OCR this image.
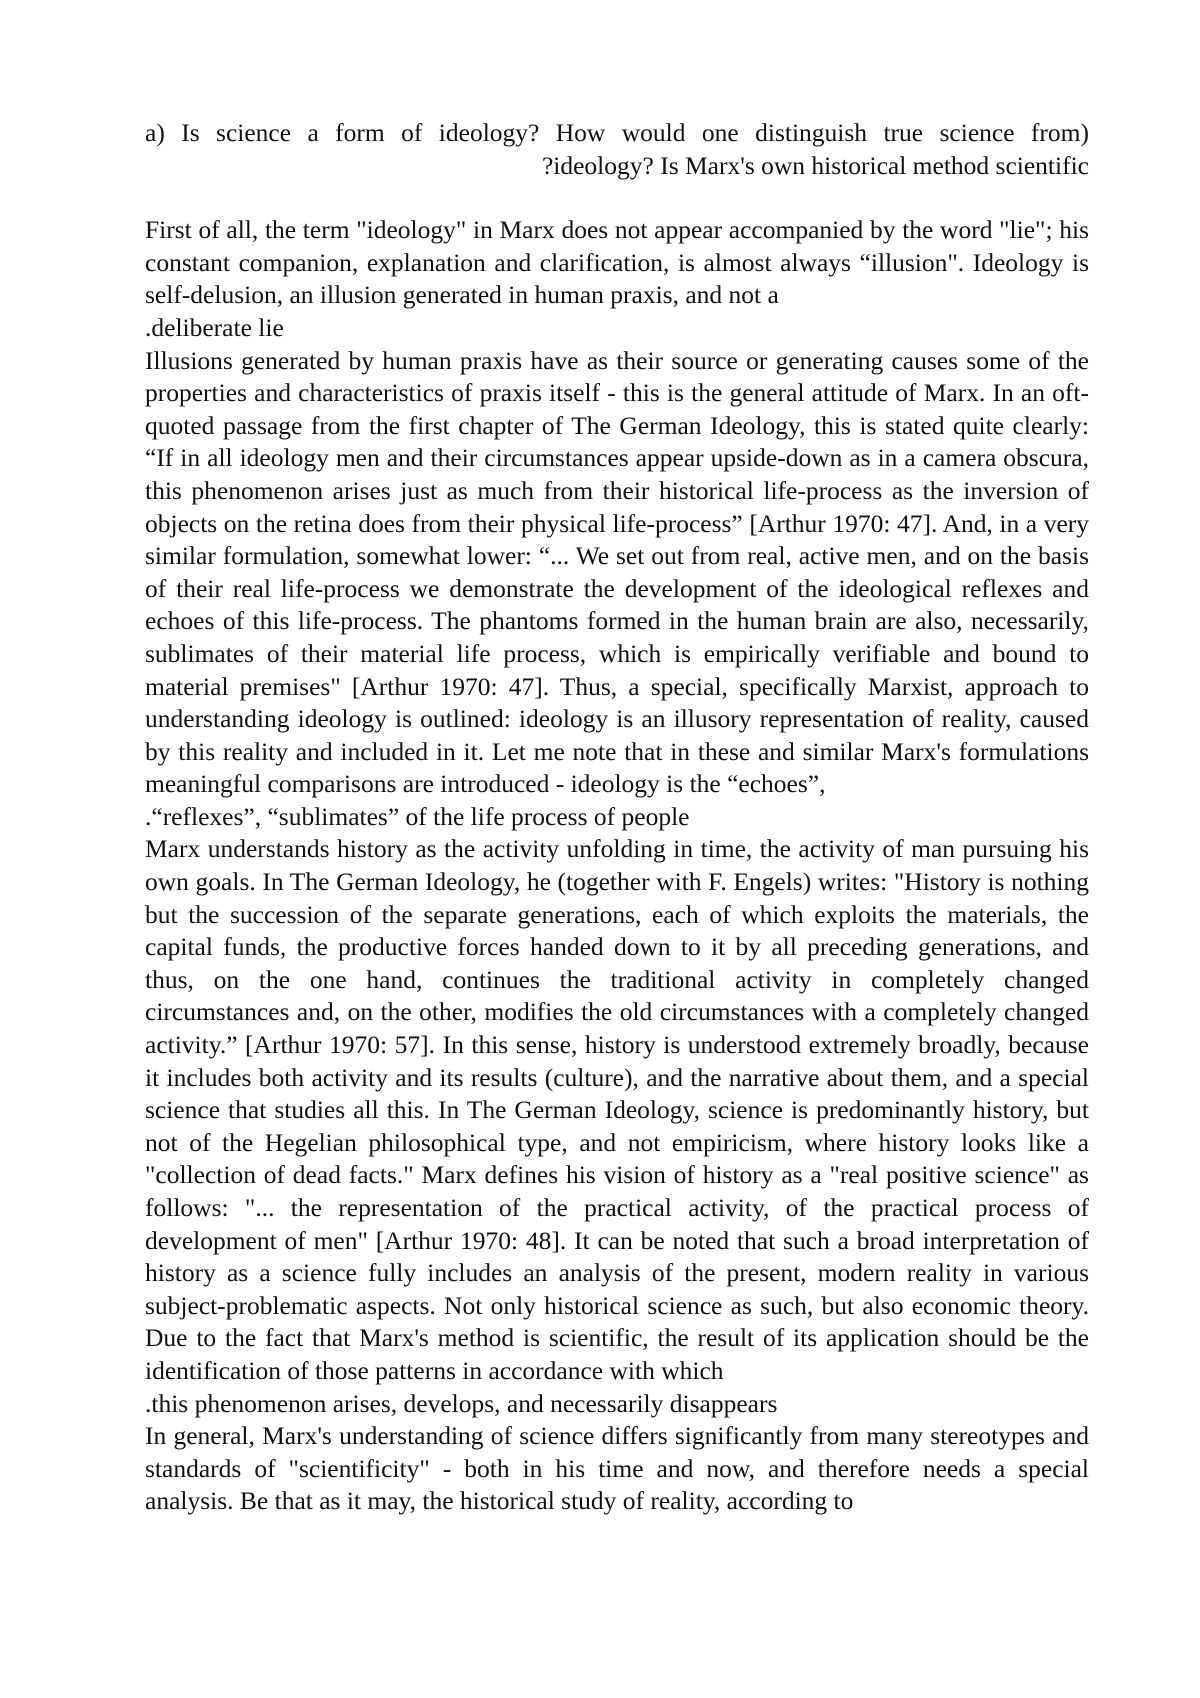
a) Is science a form of ideology? How would one distinguish true science from)
?ideology? Is Marx's own historical method scientific

First of all, the term "ideology" in Marx does not appear accompanied by the word "lie"; his constant companion, explanation and clarification, is almost always “illusion". Ideology is self-delusion, an illusion generated in human praxis, and not a
.deliberate lie

Illusions generated by human praxis have as their source or generating causes some of the properties and characteristics of praxis itself - this is the general attitude of Marx. In an oft-quoted passage from the first chapter of The German Ideology, this is stated quite clearly: “If in all ideology men and their circumstances appear upside-down as in a camera obscura, this phenomenon arises just as much from their historical life-process as the inversion of objects on the retina does from their physical life-process” [Arthur 1970: 47]. And, in a very similar formulation, somewhat lower: “... We set out from real, active men, and on the basis of their real life-process we demonstrate the development of the ideological reflexes and echoes of this life-process. The phantoms formed in the human brain are also, necessarily, sublimates of their material life process, which is empirically verifiable and bound to material premises" [Arthur 1970: 47]. Thus, a special, specifically Marxist, approach to understanding ideology is outlined: ideology is an illusory representation of reality, caused by this reality and included in it. Let me note that in these and similar Marx's formulations meaningful comparisons are introduced - ideology is the “echoes”,
.“reflexes”, “sublimates” of the life process of people

Marx understands history as the activity unfolding in time, the activity of man pursuing his own goals. In The German Ideology, he (together with F. Engels) writes: "History is nothing but the succession of the separate generations, each of which exploits the materials, the capital funds, the productive forces handed down to it by all preceding generations, and thus, on the one hand, continues the traditional activity in completely changed circumstances and, on the other, modifies the old circumstances with a completely changed activity.” [Arthur 1970: 57]. In this sense, history is understood extremely broadly, because it includes both activity and its results (culture), and the narrative about them, and a special science that studies all this. In The German Ideology, science is predominantly history, but not of the Hegelian philosophical type, and not empiricism, where history looks like a "collection of dead facts." Marx defines his vision of history as a "real positive science" as follows: "... the representation of the practical activity, of the practical process of development of men" [Arthur 1970: 48]. It can be noted that such a broad interpretation of history as a science fully includes an analysis of the present, modern reality in various subject-problematic aspects. Not only historical science as such, but also economic theory. Due to the fact that Marx's method is scientific, the result of its application should be the identification of those patterns in accordance with which
.this phenomenon arises, develops, and necessarily disappears

In general, Marx's understanding of science differs significantly from many stereotypes and standards of "scientificity" - both in his time and now, and therefore needs a special analysis. Be that as it may, the historical study of reality, according to
